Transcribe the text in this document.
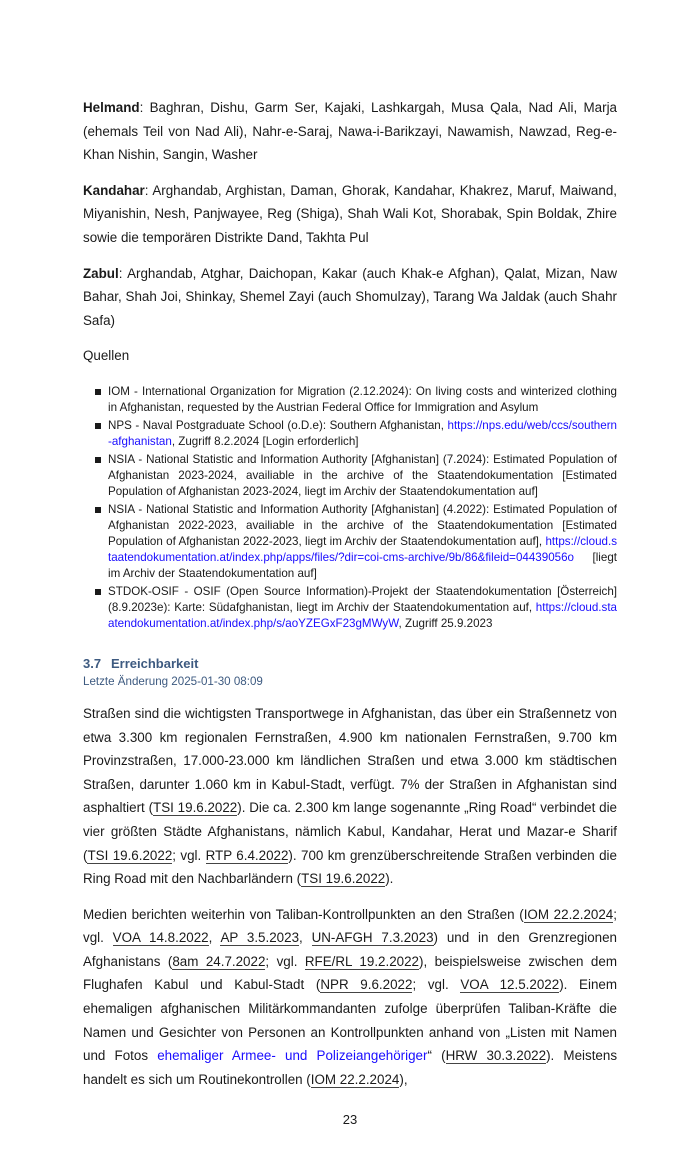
Helmand: Baghran, Dishu, Garm Ser, Kajaki, Lashkargah, Musa Qala, Nad Ali, Marja (ehemals Teil von Nad Ali), Nahr-e-Saraj, Nawa-i-Barikzayi, Nawamish, Nawzad, Reg-e-Khan Nishin, Sangin, Washer

Kandahar: Arghandab, Arghistan, Daman, Ghorak, Kandahar, Khakrez, Maruf, Maiwand, Miyanishin, Nesh, Panjwayee, Reg (Shiga), Shah Wali Kot, Shorabak, Spin Boldak, Zhire sowie die temporären Distrikte Dand, Takhta Pul

Zabul: Arghandab, Atghar, Daichopan, Kakar (auch Khak-e Afghan), Qalat, Mizan, Naw Bahar, Shah Joi, Shinkay, Shemel Zayi (auch Shomulzay), Tarang Wa Jaldak (auch Shahr Safa)

Quellen
IOM - International Organization for Migration (2.12.2024): On living costs and winterized clothing in Afghanistan, requested by the Austrian Federal Office for Immigration and Asylum
NPS - Naval Postgraduate School (o.D.e): Southern Afghanistan, https://nps.edu/web/ccs/southern-afghanistan, Zugriff 8.2.2024 [Login erforderlich]
NSIA - National Statistic and Information Authority [Afghanistan] (7.2024): Estimated Population of Afghanistan 2023-2024, availiable in the archive of the Staatendokumentation [Estimated Population of Afghanistan 2023-2024, liegt im Archiv der Staatendokumentation auf]
NSIA - National Statistic and Information Authority [Afghanistan] (4.2022): Estimated Population of Afghanistan 2022-2023, availiable in the archive of the Staatendokumentation [Estimated Population of Afghanistan 2022-2023, liegt im Archiv der Staatendokumentation auf], https://cloud.staatendokumentation.at/index.php/apps/files/?dir=coi-cms-archive/9b/86&fileid=04439056o [liegt im Archiv der Staatendokumentation auf]
STDOK-OSIF - OSIF (Open Source Information)-Projekt der Staatendokumentation [Österreich] (8.9.2023e): Karte: Südafghanistan, liegt im Archiv der Staatendokumentation auf, https://cloud.staatendokumentation.at/index.php/s/aoYZEGxF23gMWyW, Zugriff 25.9.2023
3.7 Erreichbarkeit
Letzte Änderung 2025-01-30 08:09

Straßen sind die wichtigsten Transportwege in Afghanistan, das über ein Straßennetz von etwa 3.300 km regionalen Fernstraßen, 4.900 km nationalen Fernstraßen, 9.700 km Provinzstraßen, 17.000-23.000 km ländlichen Straßen und etwa 3.000 km städtischen Straßen, darunter 1.060 km in Kabul-Stadt, verfügt. 7% der Straßen in Afghanistan sind asphaltiert (TSI 19.6.2022). Die ca. 2.300 km lange sogenannte „Ring Road“ verbindet die vier größten Städte Afghanistans, nämlich Kabul, Kandahar, Herat und Mazar-e Sharif (TSI 19.6.2022; vgl. RTP 6.4.2022). 700 km grenzüberschreitende Straßen verbinden die Ring Road mit den Nachbarländern (TSI 19.6.2022).

Medien berichten weiterhin von Taliban-Kontrollpunkten an den Straßen (IOM 22.2.2024; vgl. VOA 14.8.2022, AP 3.5.2023, UN-AFGH 7.3.2023) und in den Grenzregionen Afghanistans (8am 24.7.2022; vgl. RFE/RL 19.2.2022), beispielsweise zwischen dem Flughafen Kabul und Kabul-Stadt (NPR 9.6.2022; vgl. VOA 12.5.2022). Einem ehemaligen afghanischen Militärkommandanten zufolge überprüfen Taliban-Kräfte die Namen und Gesichter von Personen an Kontrollpunkten anhand von „Listen mit Namen und Fotos ehemaliger Armee- und Polizeiangehöriger“ (HRW 30.3.2022). Meistens handelt es sich um Routinekontrollen (IOM 22.2.2024),

23
